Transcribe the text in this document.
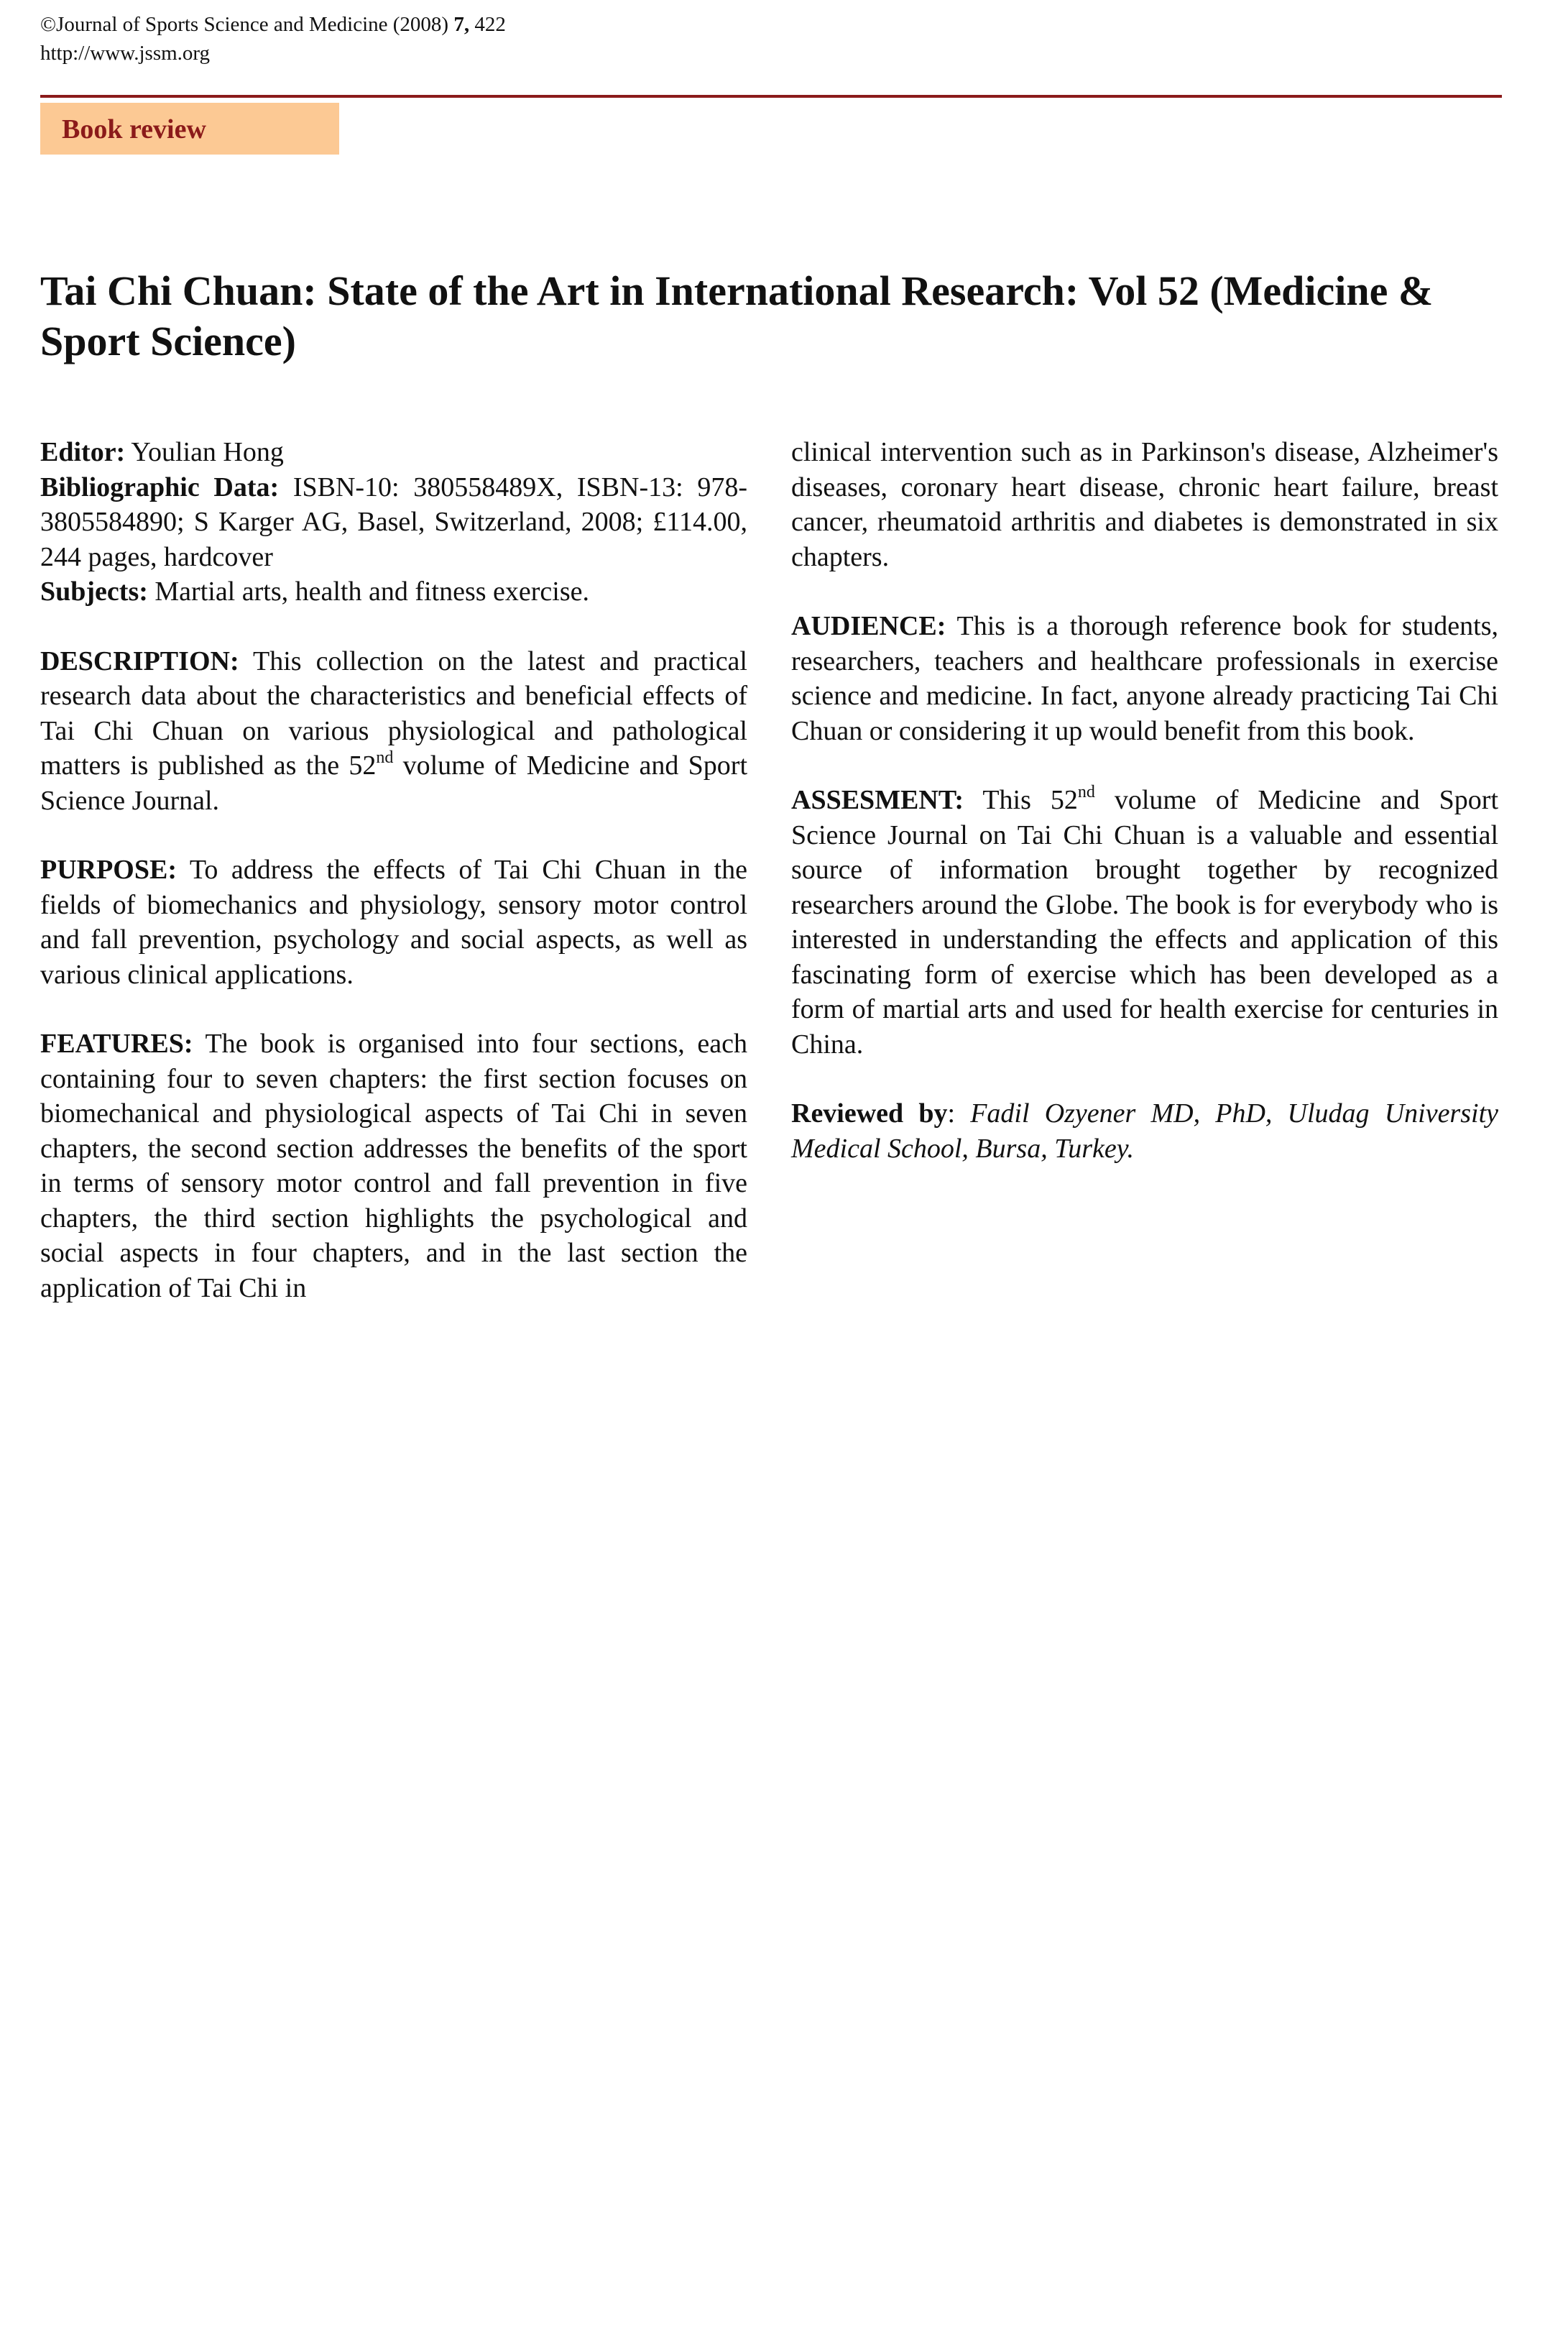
©Journal of Sports Science and Medicine (2008) 7, 422
http://www.jssm.org
Book review
Tai Chi Chuan: State of the Art in International Research: Vol 52 (Medicine & Sport Science)

Editor: Youlian Hong
Bibliographic Data: ISBN-10: 380558489X, ISBN-13: 978-3805584890; S Karger AG, Basel, Switzerland, 2008; £114.00, 244 pages, hardcover
Subjects: Martial arts, health and fitness exercise.

DESCRIPTION: This collection on the latest and practical research data about the characteristics and beneficial effects of Tai Chi Chuan on various physiological and pathological matters is published as the 52nd volume of Medicine and Sport Science Journal.

PURPOSE: To address the effects of Tai Chi Chuan in the fields of biomechanics and physiology, sensory motor control and fall prevention, psychology and social aspects, as well as various clinical applications.

FEATURES: The book is organised into four sections, each containing four to seven chapters: the first section focuses on biomechanical and physiological aspects of Tai Chi in seven chapters, the second section addresses the benefits of the sport in terms of sensory motor control and fall prevention in five chapters, the third section highlights the psychological and social aspects in four chapters, and in the last section the application of Tai Chi in

clinical intervention such as in Parkinson's disease, Alzheimer's diseases, coronary heart disease, chronic heart failure, breast cancer, rheumatoid arthritis and diabetes is demonstrated in six chapters.

AUDIENCE: This is a thorough reference book for students, researchers, teachers and healthcare professionals in exercise science and medicine. In fact, anyone already practicing Tai Chi Chuan or considering it up would benefit from this book.

ASSESMENT: This 52nd volume of Medicine and Sport Science Journal on Tai Chi Chuan is a valuable and essential source of information brought together by recognized researchers around the Globe. The book is for everybody who is interested in understanding the effects and application of this fascinating form of exercise which has been developed as a form of martial arts and used for health exercise for centuries in China.

Reviewed by: Fadil Ozyener MD, PhD, Uludag University Medical School, Bursa, Turkey.
